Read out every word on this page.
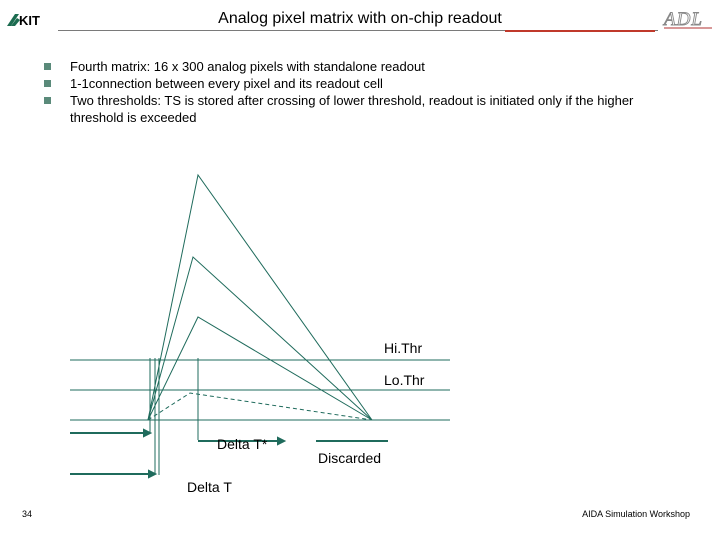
KIT	Analog pixel matrix with on-chip readout	ADL
Fourth matrix: 16 x 300 analog pixels with standalone readout
1-1connection between every pixel and its readout cell
Two thresholds: TS is stored after crossing of lower threshold, readout is initiated only if the higher threshold is exceeded
Hi.Thr
Lo.Thr
Delta T*
Discarded
Delta T
34	AIDA Simulation Workshop
